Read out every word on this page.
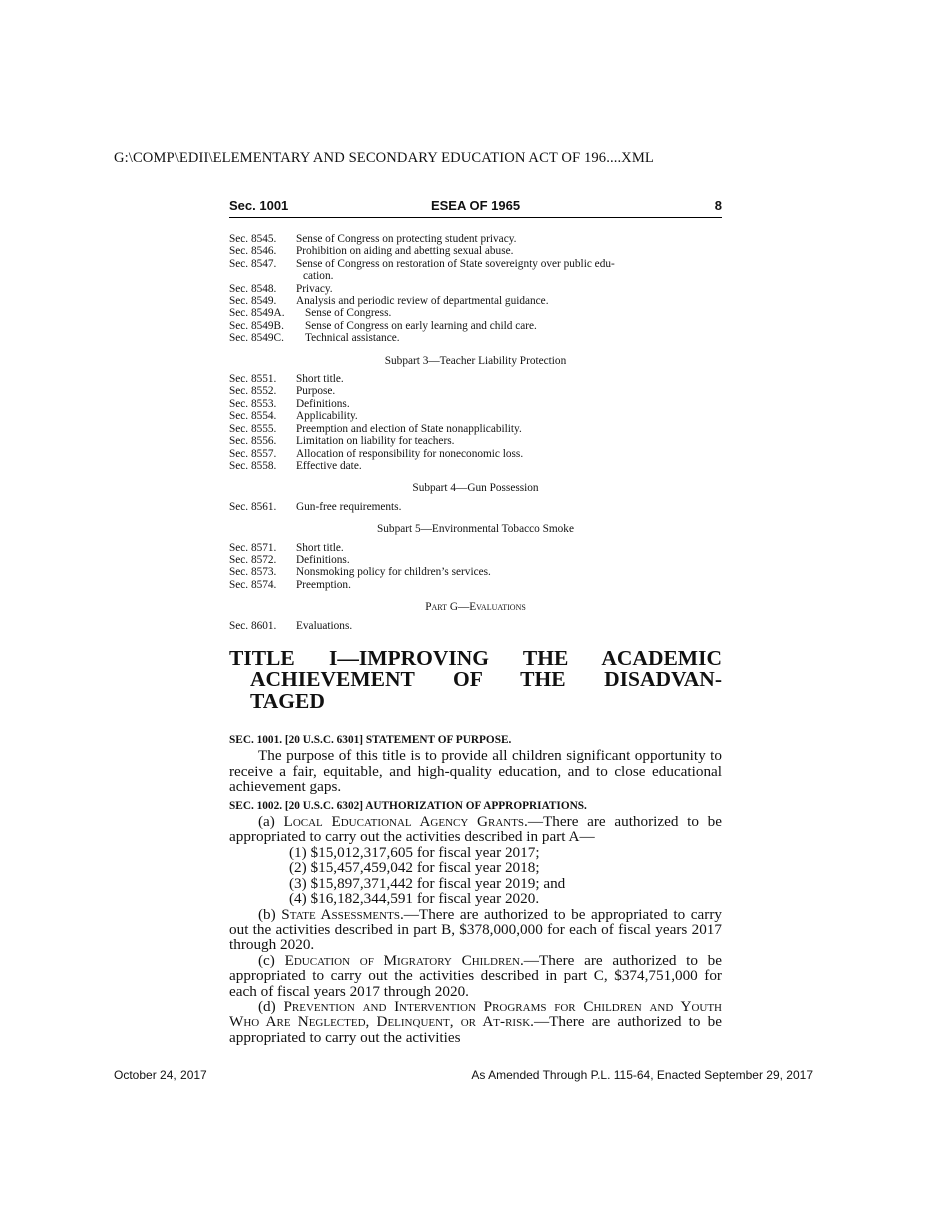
G:\COMP\EDII\ELEMENTARY AND SECONDARY EDUCATION ACT OF 196....XML
Sec. 1001	ESEA OF 1965	8
Sec. 8545. Sense of Congress on protecting student privacy.
Sec. 8546. Prohibition on aiding and abetting sexual abuse.
Sec. 8547. Sense of Congress on restoration of State sovereignty over public edu-
cation.
Sec. 8548. Privacy.
Sec. 8549. Analysis and periodic review of departmental guidance.
Sec. 8549A. Sense of Congress.
Sec. 8549B. Sense of Congress on early learning and child care.
Sec. 8549C. Technical assistance.
Subpart 3—Teacher Liability Protection
Sec. 8551. Short title.
Sec. 8552. Purpose.
Sec. 8553. Definitions.
Sec. 8554. Applicability.
Sec. 8555. Preemption and election of State nonapplicability.
Sec. 8556. Limitation on liability for teachers.
Sec. 8557. Allocation of responsibility for noneconomic loss.
Sec. 8558. Effective date.
Subpart 4—Gun Possession
Sec. 8561. Gun-free requirements.
Subpart 5—Environmental Tobacco Smoke
Sec. 8571. Short title.
Sec. 8572. Definitions.
Sec. 8573. Nonsmoking policy for children’s services.
Sec. 8574. Preemption.
Part G—Evaluations
Sec. 8601. Evaluations.
TITLE I—IMPROVING THE ACADEMIC
ACHIEVEMENT OF THE DISADVAN-
TAGED
SEC. 1001. [20 U.S.C. 6301] STATEMENT OF PURPOSE.

The purpose of this title is to provide all children significant opportunity to receive a fair, equitable, and high-quality education, and to close educational achievement gaps.

SEC. 1002. [20 U.S.C. 6302] AUTHORIZATION OF APPROPRIATIONS.

(a) Local Educational Agency Grants.—There are authorized to be appropriated to carry out the activities described in part A—

(1) $15,012,317,605 for fiscal year 2017;
(2) $15,457,459,042 for fiscal year 2018;
(3) $15,897,371,442 for fiscal year 2019; and
(4) $16,182,344,591 for fiscal year 2020.

(b) State Assessments.—There are authorized to be appropriated to carry out the activities described in part B, $378,000,000 for each of fiscal years 2017 through 2020.

(c) Education of Migratory Children.—There are authorized to be appropriated to carry out the activities described in part C, $374,751,000 for each of fiscal years 2017 through 2020.

(d) Prevention and Intervention Programs for Children and Youth Who Are Neglected, Delinquent, or At-risk.—There are authorized to be appropriated to carry out the activities

October 24, 2017	As Amended Through P.L. 115-64, Enacted September 29, 2017
